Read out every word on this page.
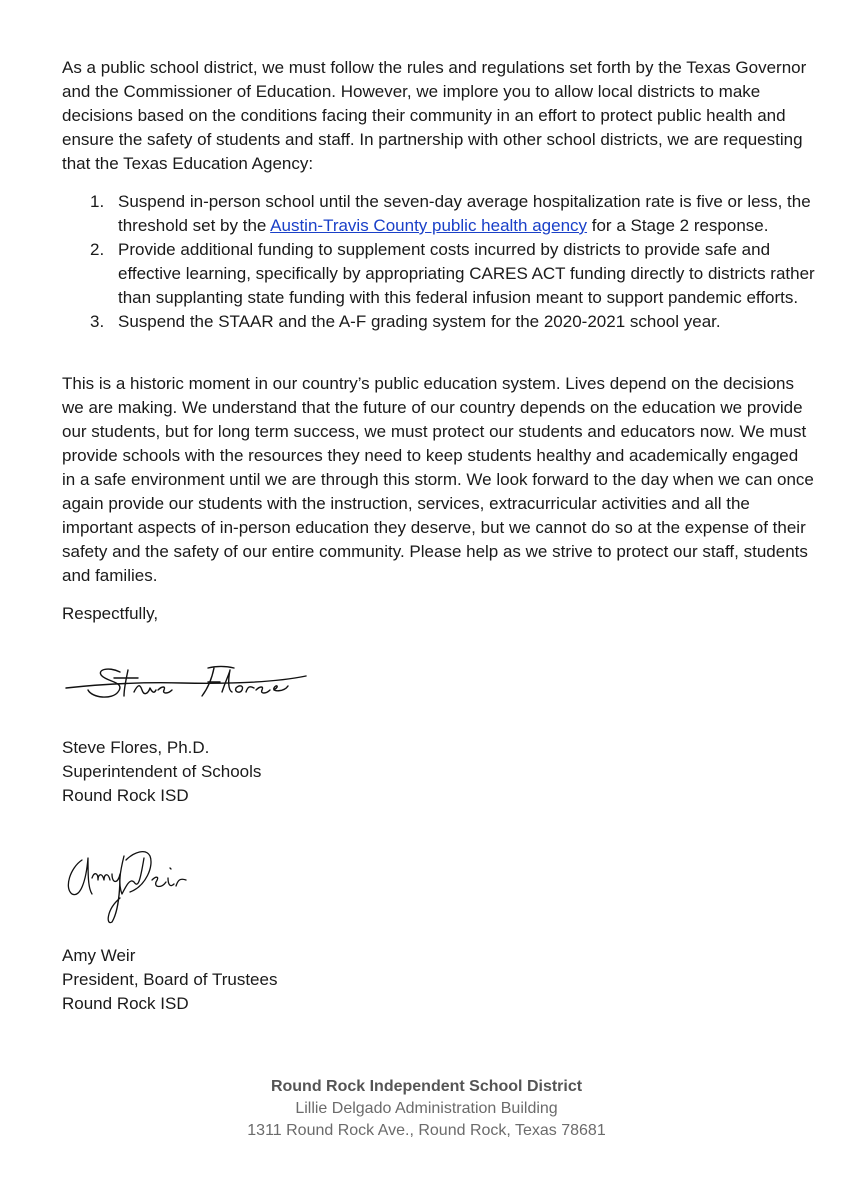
As a public school district, we must follow the rules and regulations set forth by the Texas Governor and the Commissioner of Education. However, we implore you to allow local districts to make decisions based on the conditions facing their community in an effort to protect public health and ensure the safety of students and staff. In partnership with other school districts, we are requesting that the Texas Education Agency:

1. Suspend in-person school until the seven-day average hospitalization rate is five or less, the threshold set by the Austin-Travis County public health agency for a Stage 2 response.
2. Provide additional funding to supplement costs incurred by districts to provide safe and effective learning, specifically by appropriating CARES ACT funding directly to districts rather than supplanting state funding with this federal infusion meant to support pandemic efforts.
3. Suspend the STAAR and the A-F grading system for the 2020-2021 school year.

This is a historic moment in our country’s public education system. Lives depend on the decisions we are making. We understand that the future of our country depends on the education we provide our students, but for long term success, we must protect our students and educators now. We must provide schools with the resources they need to keep students healthy and academically engaged in a safe environment until we are through this storm. We look forward to the day when we can once again provide our students with the instruction, services, extracurricular activities and all the important aspects of in-person education they deserve, but we cannot do so at the expense of their safety and the safety of our entire community. Please help as we strive to protect our staff, students and families.

Respectfully,

Steve Flores, Ph.D.
Superintendent of Schools
Round Rock ISD

Amy Weir
President, Board of Trustees
Round Rock ISD

Round Rock Independent School District
Lillie Delgado Administration Building
1311 Round Rock Ave., Round Rock, Texas 78681
